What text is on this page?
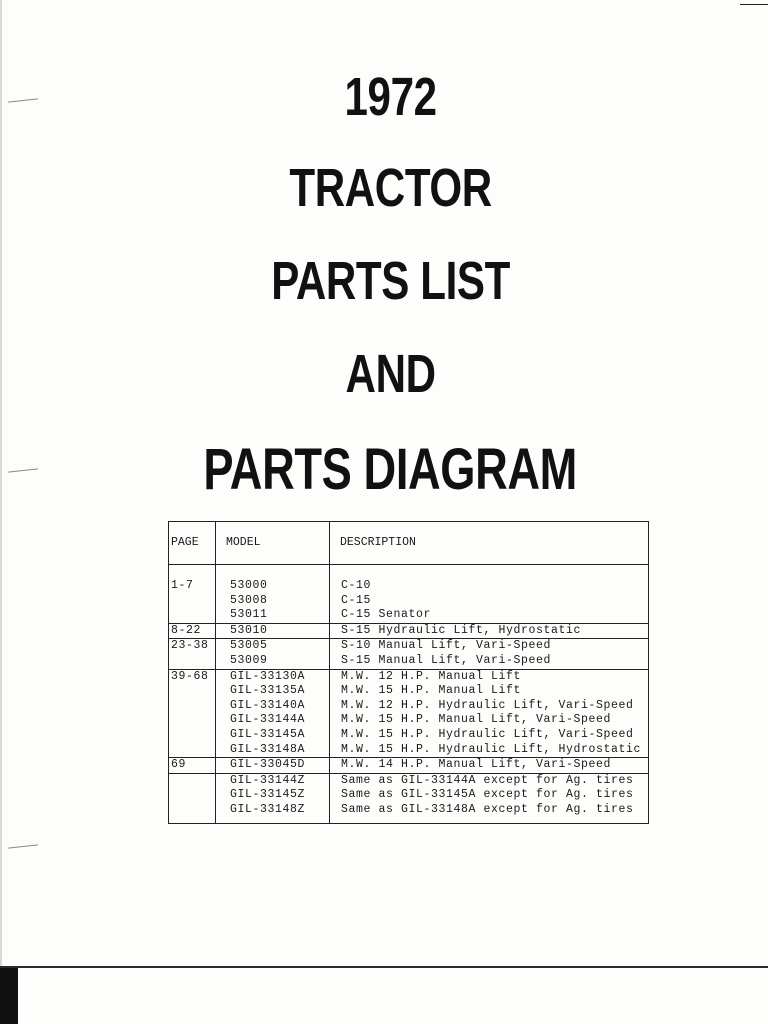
1972
TRACTOR
PARTS LIST
AND
PARTS DIAGRAM
PAGE	MODEL	DESCRIPTION
1-7	53000	C-10
	53008	C-15
	53011	C-15 Senator
8-22	53010	S-15 Hydraulic Lift, Hydrostatic
23-38	53005	S-10 Manual Lift, Vari-Speed
	53009	S-15 Manual Lift, Vari-Speed
39-68	GIL-33130A	M.W. 12 H.P. Manual Lift
	GIL-33135A	M.W. 15 H.P. Manual Lift
	GIL-33140A	M.W. 12 H.P. Hydraulic Lift, Vari-Speed
	GIL-33144A	M.W. 15 H.P. Manual Lift, Vari-Speed
	GIL-33145A	M.W. 15 H.P. Hydraulic Lift, Vari-Speed
	GIL-33148A	M.W. 15 H.P. Hydraulic Lift, Hydrostatic
69	GIL-33045D	M.W. 14 H.P. Manual Lift, Vari-Speed
	GIL-33144Z	Same as GIL-33144A except for Ag. tires
	GIL-33145Z	Same as GIL-33145A except for Ag. tires
	GIL-33148Z	Same as GIL-33148A except for Ag. tires
